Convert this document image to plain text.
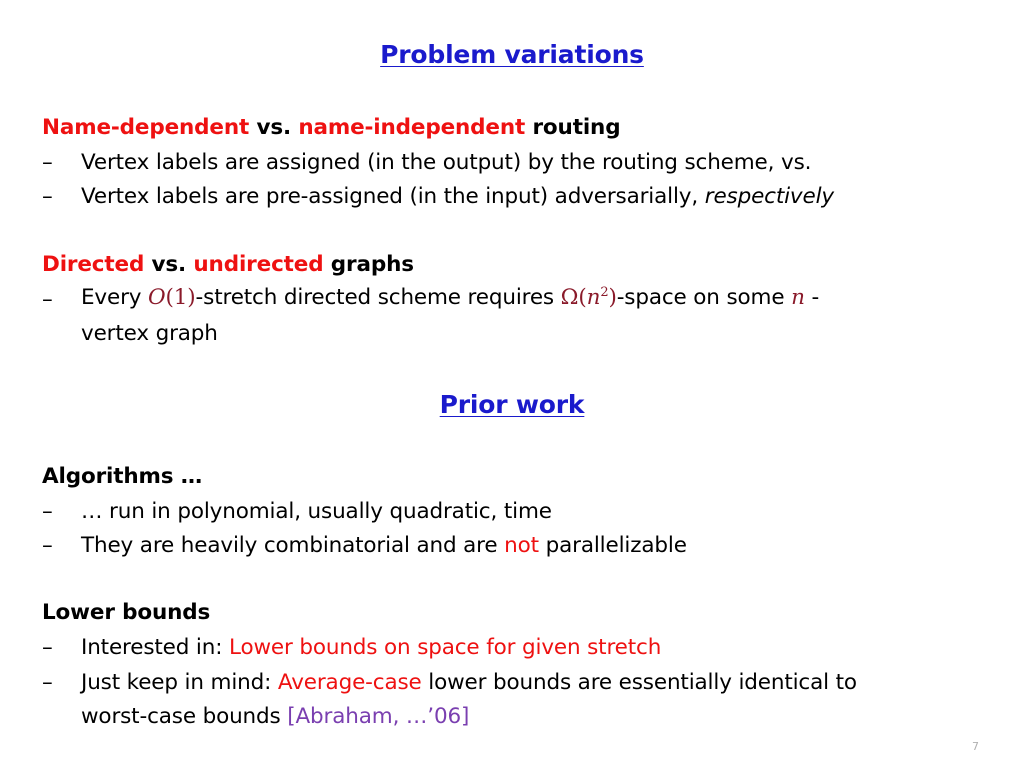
Problem variations
Name-dependent vs. name-independent routing
– Vertex labels are assigned (in the output) by the routing scheme, vs.
– Vertex labels are pre-assigned (in the input) adversarially, respectively
Directed vs. undirected graphs
– Every O(1)-stretch directed scheme requires $\Omega(n^2)$-space on some n -
vertex graph
Prior work
Algorithms …
– … run in polynomial, usually quadratic, time
– They are heavily combinatorial and are not parallelizable
Lower bounds
– Interested in: Lower bounds on space for given stretch
– Just keep in mind: Average-case lower bounds are essentially identical to
worst-case bounds [Abraham, …’06]
7
